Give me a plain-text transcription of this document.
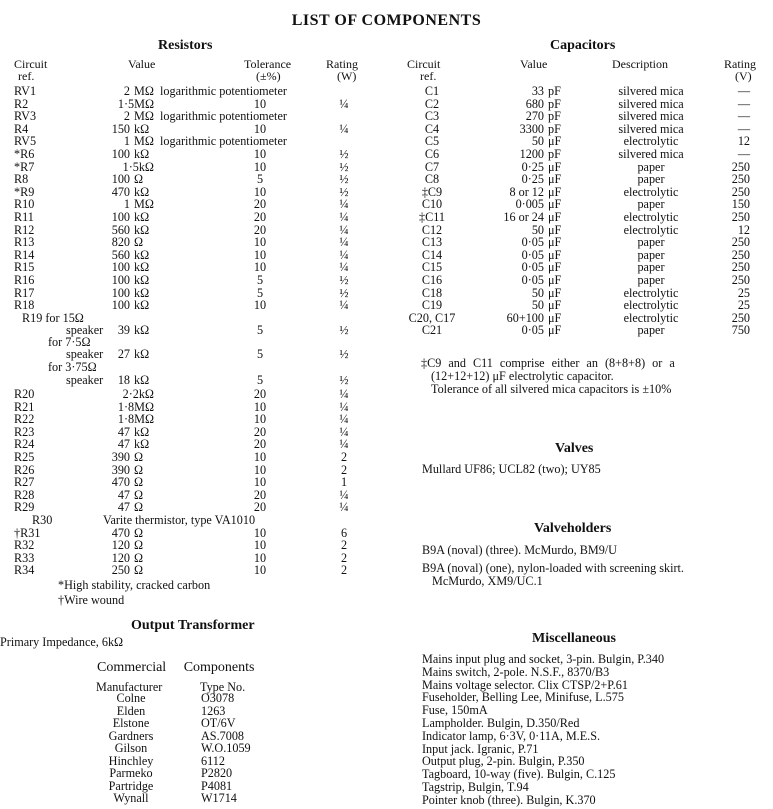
LIST OF COMPONENTS
Resistors
Circuit
ref.
Value	Tolerance
(±%)
Rating
(W)
RV1	2 MΩ logarithmic potentiometer
R2	1·5MΩ	10	¼
RV3	2 MΩ logarithmic potentiometer
R4	150 kΩ	10	¼
RV5	1 MΩ logarithmic potentiometer
*R6	100 kΩ	10	½
*R7	1·5kΩ	10	½
R8	100 Ω	5	½
*R9	470 kΩ	10	½
R10	1 MΩ	20	¼
R11	100 kΩ	20	¼
R12	560 kΩ	20	¼
R13	820 Ω	10	¼
R14	560 kΩ	10	¼
R15	100 kΩ	10	¼
R16	100 kΩ	5	½
R17	100 kΩ	5	½
R18	100 kΩ	10	¼
R19 for 15Ω
speaker	39 kΩ	5	½
for 7·5Ω
speaker	27 kΩ	5	½
for 3·75Ω
speaker	18 kΩ	5	½
R20	2·2kΩ	20	¼
R21	1·8MΩ	10	¼
R22	1·8MΩ	10	¼
R23	47 kΩ	20	¼
R24	47 kΩ	20	¼
R25	390 Ω	10	2
R26	390 Ω	10	2
R27	470 Ω	10	1
R28	47 Ω	20	¼
R29	47 Ω	20	¼
R30	Varite thermistor, type VA1010
†R31	470 Ω	10	6
R32	120 Ω	10	2
R33	120 Ω	10	2
R34	250 Ω	10	2
*High stability, cracked carbon
†Wire wound
Output Transformer
Primary Impedance, 6kΩ
Commercial Components
Manufacturer	Type No.
Colne	O3078
Elden	1263
Elstone	OT/6V
Gardners	AS.7008
Gilson	W.O.1059
Hinchley	6112
Parmeko	P2820
Partridge	P4081
Wynall	W1714
Capacitors
Circuit
ref.
Value	Description	Rating
(V)
C1	33 pF	silvered mica	—
C2	680 pF	silvered mica	—
C3	270 pF	silvered mica	—
C4	3300 pF	silvered mica	—
C5	50 μF	electrolytic	12
C6	1200 pF	silvered mica	—
C7	0·25 μF	paper	250
C8	0·25 μF	paper	250
‡C9	8 or 12 μF	electrolytic	250
C10	0·005 μF	paper	150
‡C11	16 or 24 μF	electrolytic	250
C12	50 μF	electrolytic	12
C13	0·05 μF	paper	250
C14	0·05 μF	paper	250
C15	0·05 μF	paper	250
C16	0·05 μF	paper	250
C18	50 μF	electrolytic	25
C19	50 μF	electrolytic	25
C20, C17	60+100 μF	electrolytic	250
C21	0·05 μF	paper	750
‡C9 and C11 comprise either an (8+8+8) or a
(12+12+12) μF electrolytic capacitor.
Tolerance of all silvered mica capacitors is ±10%
Valves
Mullard UF86; UCL82 (two); UY85
Valveholders
B9A (noval) (three). McMurdo, BM9/U
B9A (noval) (one), nylon-loaded with screening skirt.
McMurdo, XM9/UC.1
Miscellaneous
Mains input plug and socket, 3-pin. Bulgin, P.340
Mains switch, 2-pole. N.S.F., 8370/B3
Mains voltage selector. Clix CTSP/2+P.61
Fuseholder, Belling Lee, Minifuse, L.575
Fuse, 150mA
Lampholder. Bulgin, D.350/Red
Indicator lamp, 6·3V, 0·11A, M.E.S.
Input jack. Igranic, P.71
Output plug, 2-pin. Bulgin, P.350
Tagboard, 10-way (five). Bulgin, C.125
Tagstrip, Bulgin, T.94
Pointer knob (three). Bulgin, K.370
